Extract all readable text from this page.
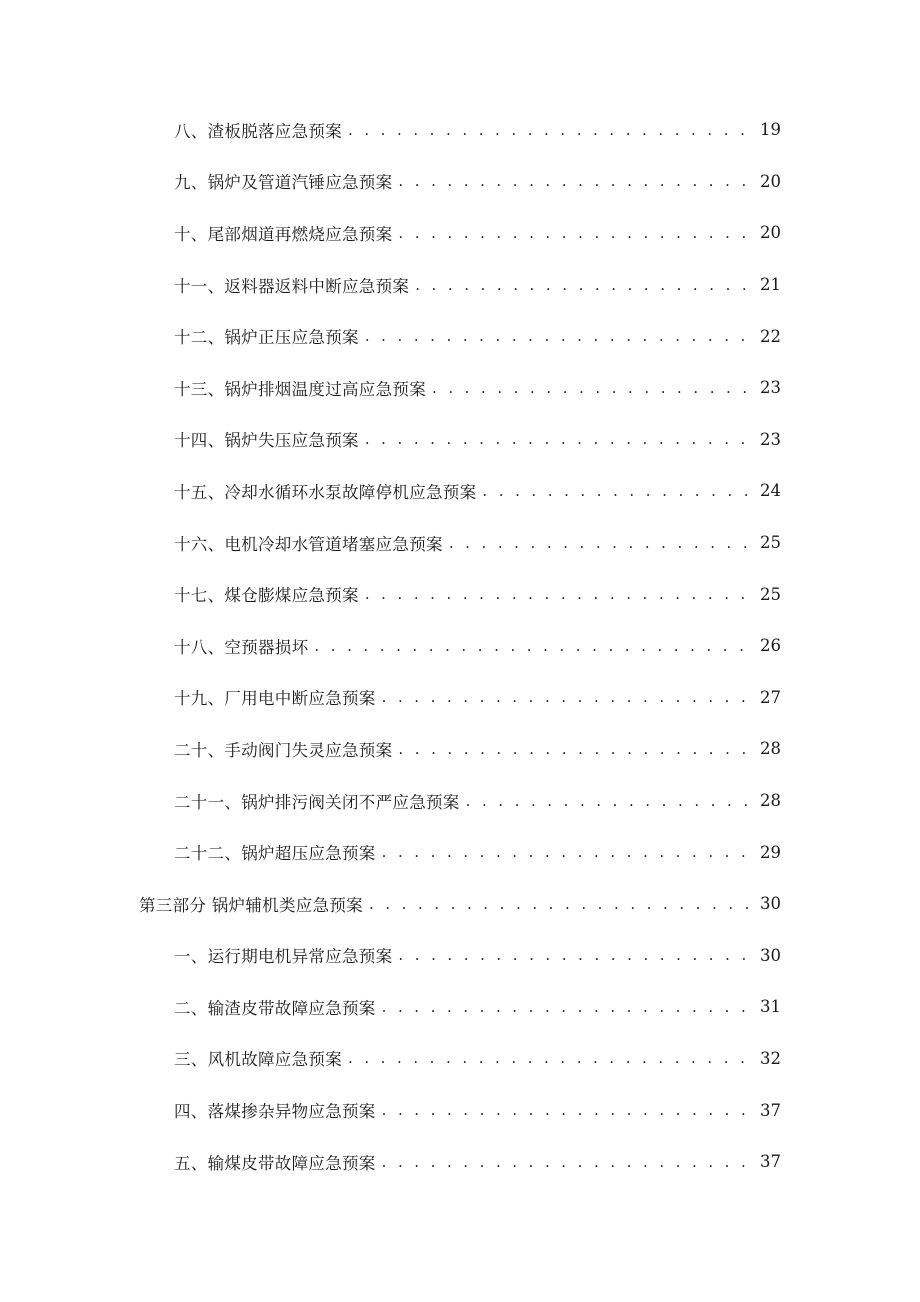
八、渣板脱落应急预案 . . .	19
九、锅炉及管道汽锤应急预案 . . .	20
十、尾部烟道再燃烧应急预案 . . .	20
十一、返料器返料中断应急预案 . . .	21
十二、锅炉正压应急预案 . . .	22
十三、锅炉排烟温度过高应急预案 . . .	23
十四、锅炉失压应急预案 . . .	23
十五、冷却水循环水泵故障停机应急预案 . . .	24
十六、电机冷却水管道堵塞应急预案 . . .	25
十七、煤仓膨煤应急预案 . . .	25
十八、空预器损坏 . . .	26
十九、厂用电中断应急预案 . . .	27
二十、手动阀门失灵应急预案 . . .	28
二十一、锅炉排污阀关闭不严应急预案 . . .	28
二十二、锅炉超压应急预案 . . .	29
第三部分 锅炉辅机类应急预案 . . .	30
一、运行期电机异常应急预案 . . .	30
二、输渣皮带故障应急预案 . . .	31
三、风机故障应急预案 . . .	32
四、落煤掺杂异物应急预案 . . .	37
五、输煤皮带故障应急预案 . . .	37
